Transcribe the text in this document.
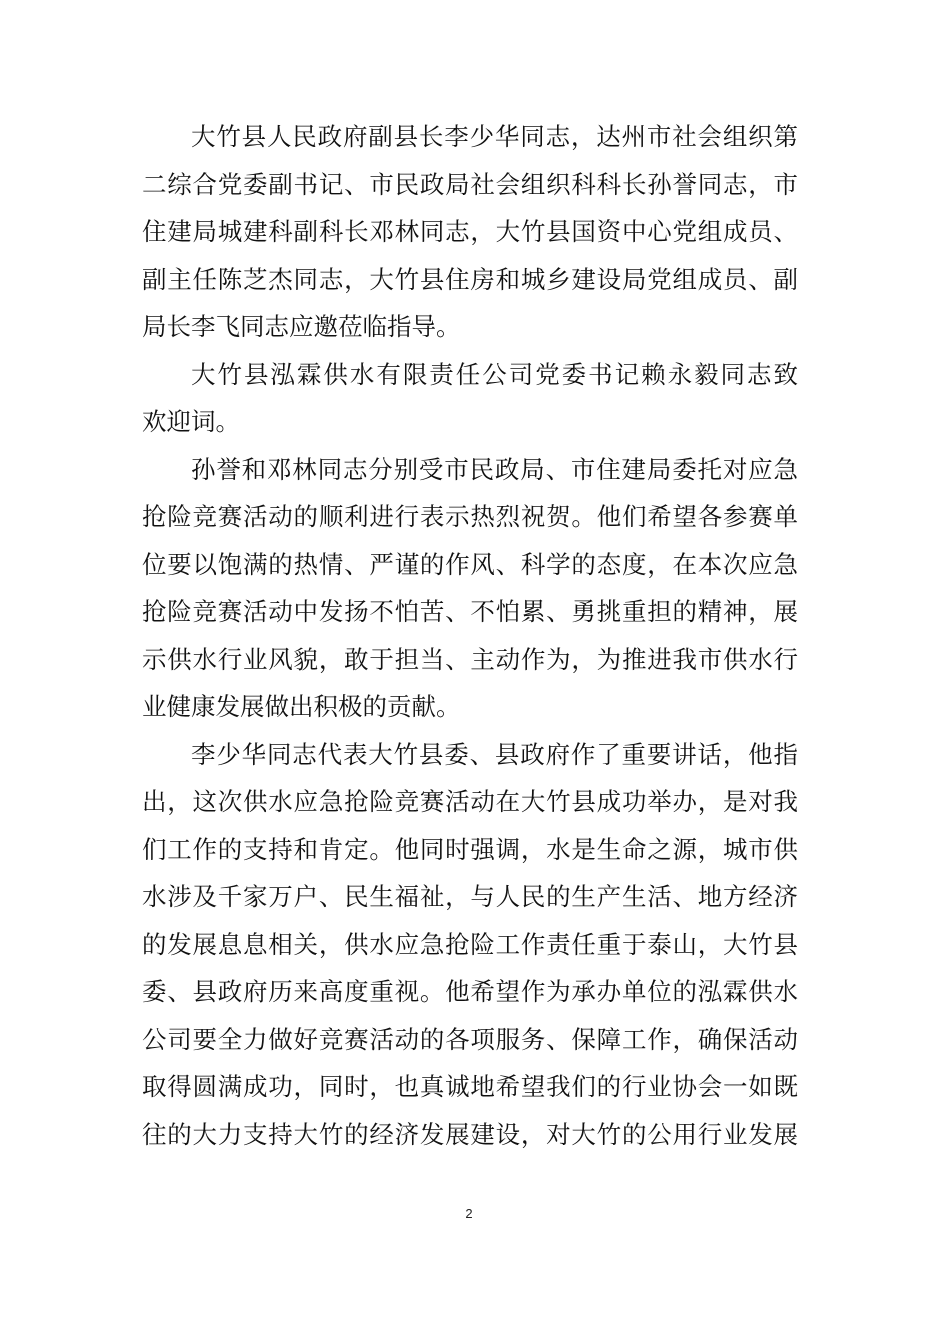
大竹县人民政府副县长李少华同志，达州市社会组织第
二综合党委副书记、市民政局社会组织科科长孙誉同志，市
住建局城建科副科长邓林同志，大竹县国资中心党组成员、
副主任陈芝杰同志，大竹县住房和城乡建设局党组成员、副
局长李飞同志应邀莅临指导。
大竹县泓霖供水有限责任公司党委书记赖永毅同志致
欢迎词。
孙誉和邓林同志分别受市民政局、市住建局委托对应急
抢险竞赛活动的顺利进行表示热烈祝贺。他们希望各参赛单
位要以饱满的热情、严谨的作风、科学的态度，在本次应急
抢险竞赛活动中发扬不怕苦、不怕累、勇挑重担的精神，展
示供水行业风貌，敢于担当、主动作为，为推进我市供水行
业健康发展做出积极的贡献。
李少华同志代表大竹县委、县政府作了重要讲话，他指
出，这次供水应急抢险竞赛活动在大竹县成功举办，是对我
们工作的支持和肯定。他同时强调，水是生命之源，城市供
水涉及千家万户、民生福祉，与人民的生产生活、地方经济
的发展息息相关，供水应急抢险工作责任重于泰山，大竹县
委、县政府历来高度重视。他希望作为承办单位的泓霖供水
公司要全力做好竞赛活动的各项服务、保障工作，确保活动
取得圆满成功，同时，也真诚地希望我们的行业协会一如既
往的大力支持大竹的经济发展建设，对大竹的公用行业发展
2
